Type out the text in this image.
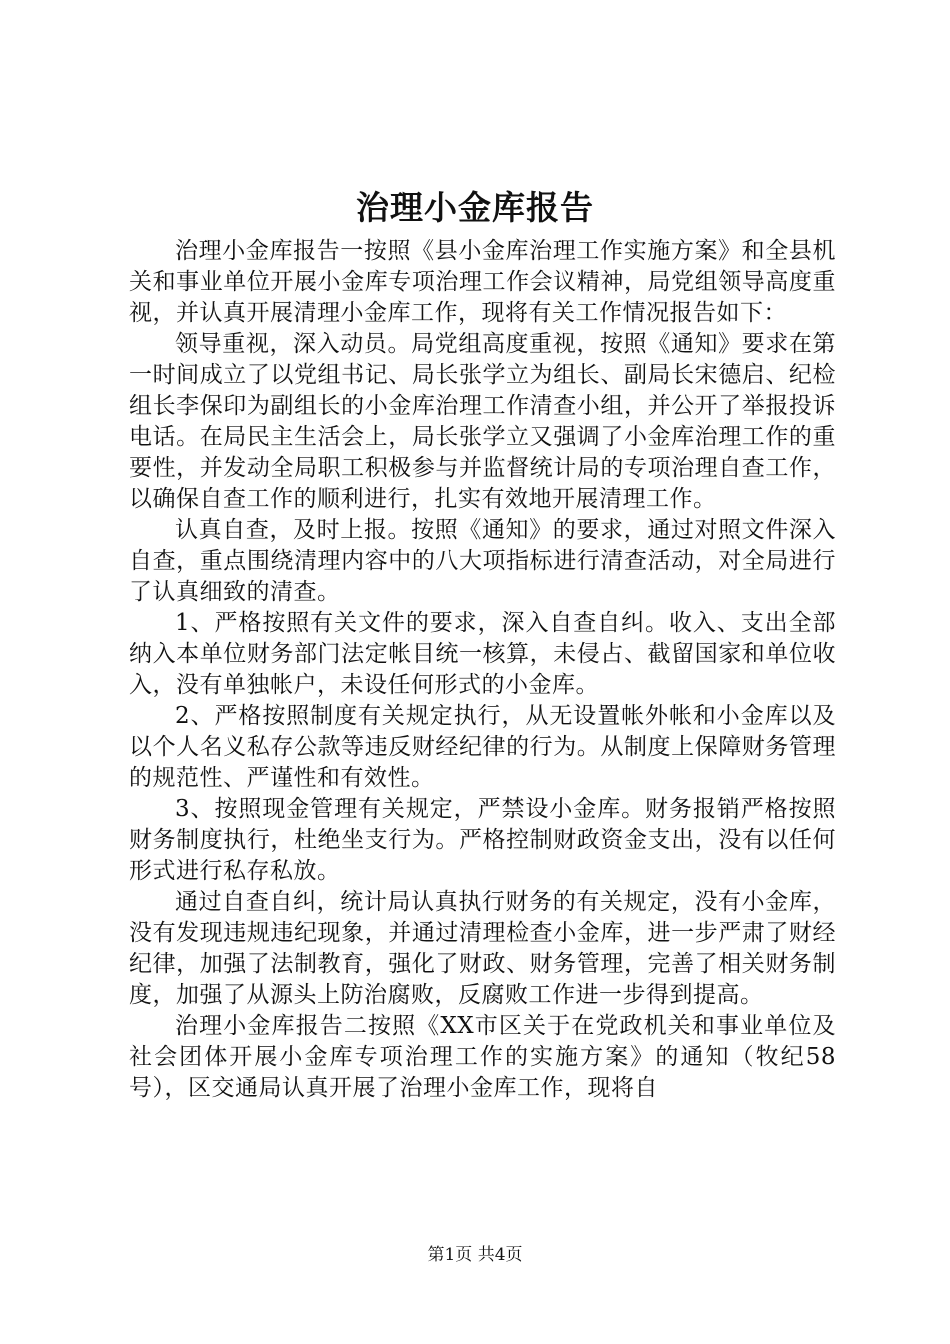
治理小金库报告

治理小金库报告一按照《县小金库治理工作实施方案》和全县机关和事业单位开展小金库专项治理工作会议精神，局党组领导高度重视，并认真开展清理小金库工作，现将有关工作情况报告如下：

领导重视，深入动员。局党组高度重视，按照《通知》要求在第一时间成立了以党组书记、局长张学立为组长、副局长宋德启、纪检组长李保印为副组长的小金库治理工作清查小组，并公开了举报投诉电话。在局民主生活会上，局长张学立又强调了小金库治理工作的重要性，并发动全局职工积极参与并监督统计局的专项治理自查工作，以确保自查工作的顺利进行，扎实有效地开展清理工作。

认真自查，及时上报。按照《通知》的要求，通过对照文件深入自查，重点围绕清理内容中的八大项指标进行清查活动，对全局进行了认真细致的清查。

1、严格按照有关文件的要求，深入自查自纠。收入、支出全部纳入本单位财务部门法定帐目统一核算，未侵占、截留国家和单位收入，没有单独帐户，未设任何形式的小金库。

2、严格按照制度有关规定执行，从无设置帐外帐和小金库以及以个人名义私存公款等违反财经纪律的行为。从制度上保障财务管理的规范性、严谨性和有效性。

3、按照现金管理有关规定，严禁设小金库。财务报销严格按照财务制度执行，杜绝坐支行为。严格控制财政资金支出，没有以任何形式进行私存私放。

通过自查自纠，统计局认真执行财务的有关规定，没有小金库，没有发现违规违纪现象，并通过清理检查小金库，进一步严肃了财经纪律，加强了法制教育，强化了财政、财务管理，完善了相关财务制度，加强了从源头上防治腐败，反腐败工作进一步得到提高。

治理小金库报告二按照《XX市区关于在党政机关和事业单位及社会团体开展小金库专项治理工作的实施方案》的通知（牧纪58号），区交通局认真开展了治理小金库工作，现将自

第1页 共4页
